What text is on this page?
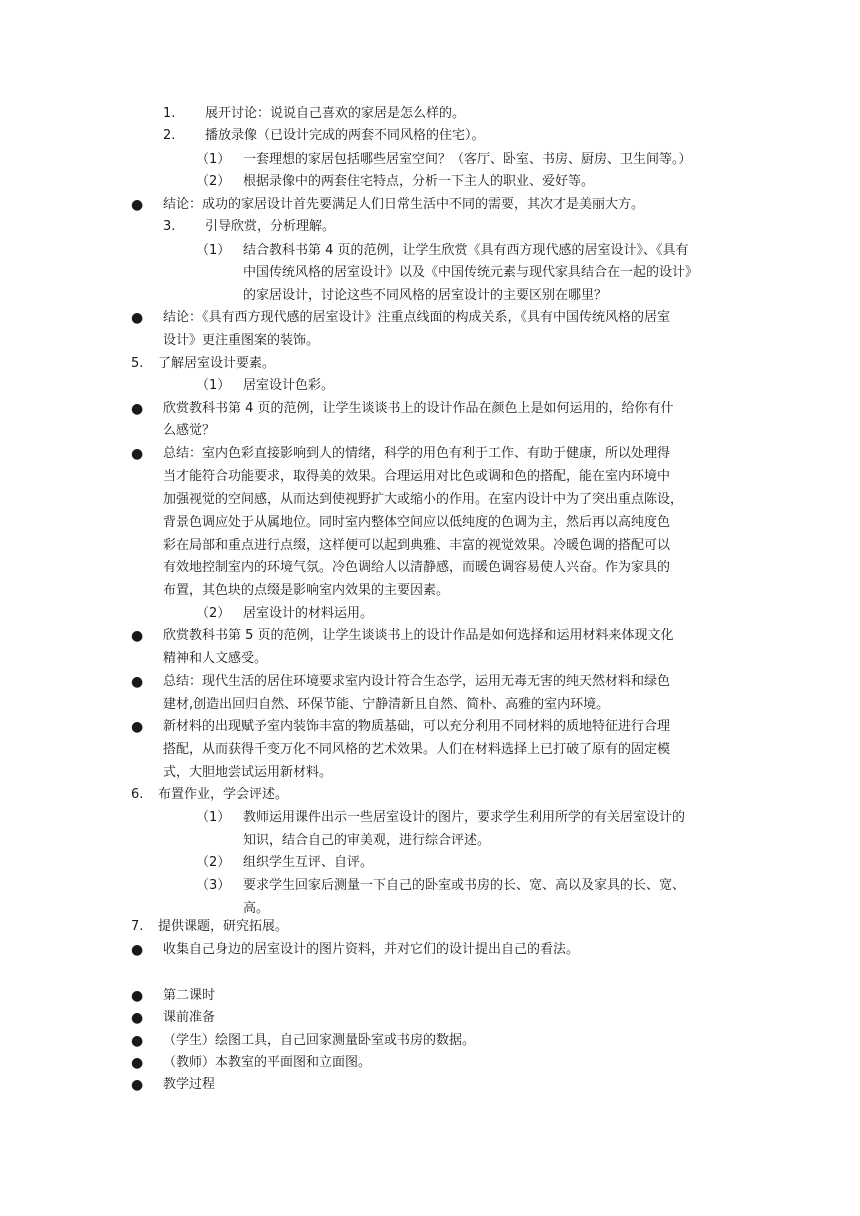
1. 展开讨论：说说自己喜欢的家居是怎么样的。
2. 播放录像（已设计完成的两套不同风格的住宅）。
（1） 一套理想的家居包括哪些居室空间？（客厅、卧室、书房、厨房、卫生间等。）
（2） 根据录像中的两套住宅特点，分析一下主人的职业、爱好等。
● 结论：成功的家居设计首先要满足人们日常生活中不同的需要，其次才是美丽大方。
3. 引导欣赏，分析理解。
（1） 结合教科书第 4 页的范例，让学生欣赏《具有西方现代感的居室设计》、《具有
中国传统风格的居室设计》以及《中国传统元素与现代家具结合在一起的设计》
的家居设计，讨论这些不同风格的居室设计的主要区别在哪里？
● 结论：《具有西方现代感的居室设计》注重点线面的构成关系，《具有中国传统风格的居室
设计》更注重图案的装饰。
5. 了解居室设计要素。
（1） 居室设计色彩。
● 欣赏教科书第 4 页的范例，让学生谈谈书上的设计作品在颜色上是如何运用的，给你有什
么感觉？
● 总结：室内色彩直接影响到人的情绪，科学的用色有利于工作、有助于健康，所以处理得
当才能符合功能要求，取得美的效果。合理运用对比色或调和色的搭配，能在室内环境中
加强视觉的空间感，从而达到使视野扩大或缩小的作用。在室内设计中为了突出重点陈设，
背景色调应处于从属地位。同时室内整体空间应以低纯度的色调为主，然后再以高纯度色
彩在局部和重点进行点缀，这样便可以起到典雅、丰富的视觉效果。冷暖色调的搭配可以
有效地控制室内的环境气氛。冷色调给人以清静感，而暖色调容易使人兴奋。作为家具的
布置，其色块的点缀是影响室内效果的主要因素。
（2） 居室设计的材料运用。
● 欣赏教科书第 5 页的范例，让学生谈谈书上的设计作品是如何选择和运用材料来体现文化
精神和人文感受。
● 总结：现代生活的居住环境要求室内设计符合生态学，运用无毒无害的纯天然材料和绿色
建材,创造出回归自然、环保节能、宁静清新且自然、简朴、高雅的室内环境。
● 新材料的出现赋予室内装饰丰富的物质基础，可以充分利用不同材料的质地特征进行合理
搭配，从而获得千变万化不同风格的艺术效果。人们在材料选择上已打破了原有的固定模
式，大胆地尝试运用新材料。
6. 布置作业，学会评述。
（1） 教师运用课件出示一些居室设计的图片，要求学生利用所学的有关居室设计的
知识，结合自己的审美观，进行综合评述。
（2） 组织学生互评、自评。
（3） 要求学生回家后测量一下自己的卧室或书房的长、宽、高以及家具的长、宽、
高。
7. 提供课题，研究拓展。
● 收集自己身边的居室设计的图片资料，并对它们的设计提出自己的看法。
● 第二课时
● 课前准备
● （学生）绘图工具，自己回家测量卧室或书房的数据。
● （教师）本教室的平面图和立面图。
● 教学过程
